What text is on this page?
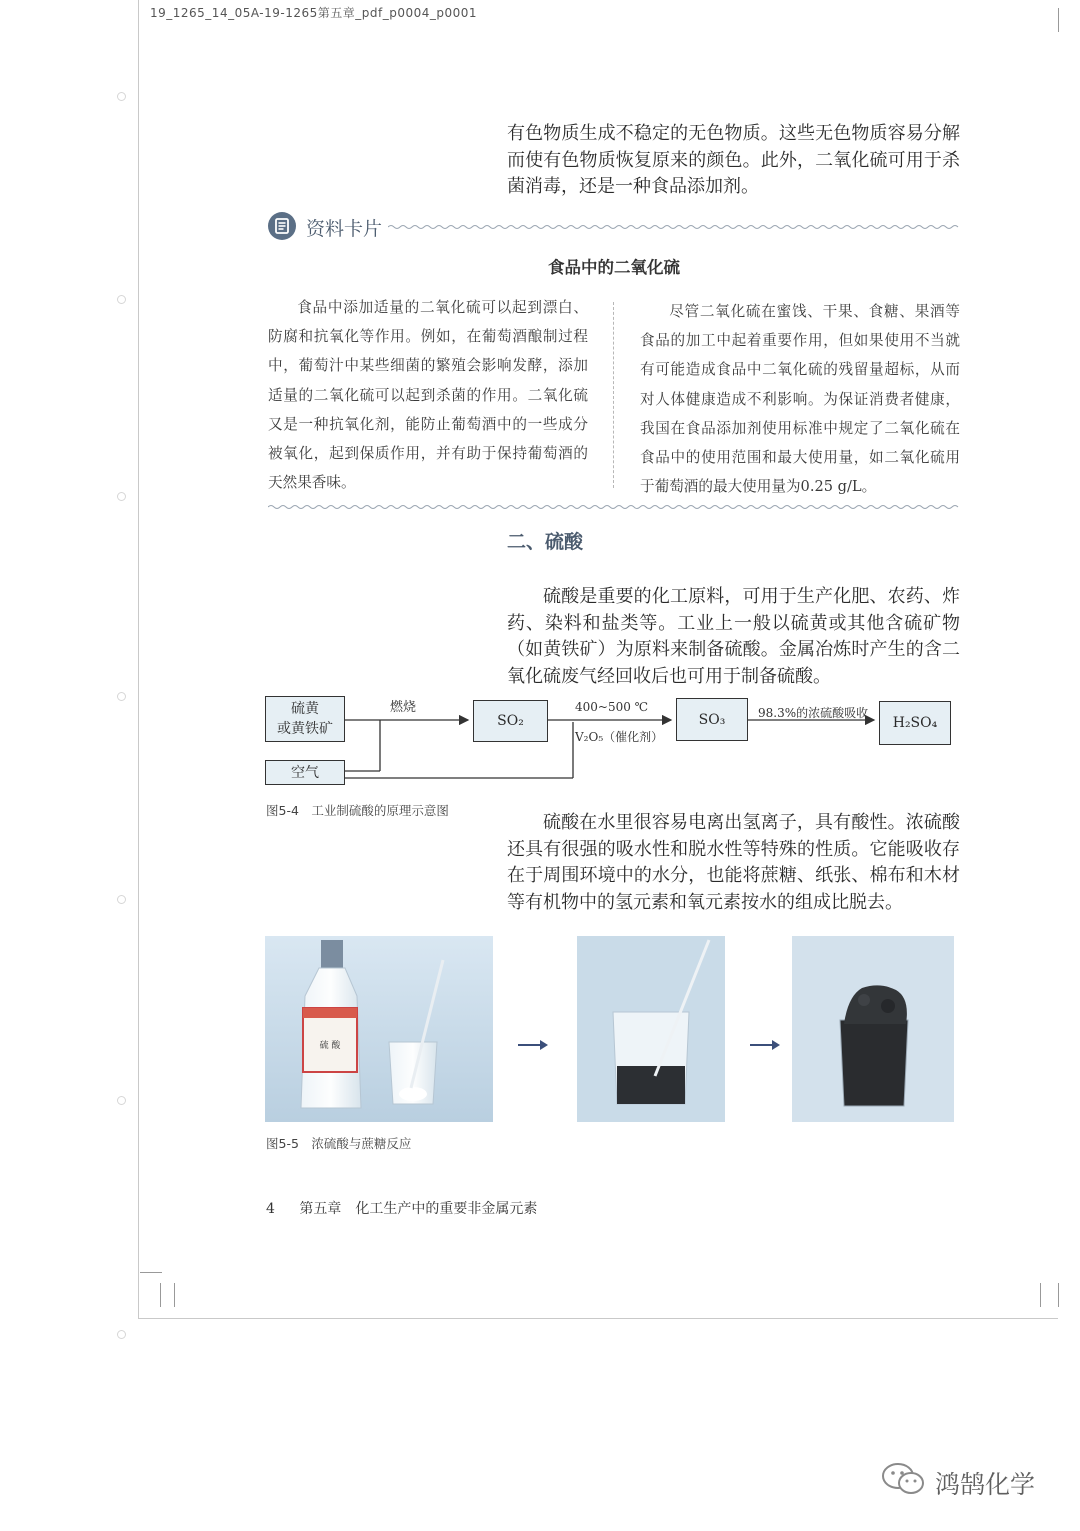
19_1265_14_05A-19-1265第五章_pdf_p0004_p0001
有色物质生成不稳定的无色物质。这些无色物质容易分解而使有色物质恢复原来的颜色。此外，二氧化硫可用于杀菌消毒，还是一种食品添加剂。
资料卡片
食品中的二氧化硫
食品中添加适量的二氧化硫可以起到漂白、防腐和抗氧化等作用。例如，在葡萄酒酿制过程中，葡萄汁中某些细菌的繁殖会影响发酵，添加适量的二氧化硫可以起到杀菌的作用。二氧化硫又是一种抗氧化剂，能防止葡萄酒中的一些成分被氧化，起到保质作用，并有助于保持葡萄酒的天然果香味。
尽管二氧化硫在蜜饯、干果、食糖、果酒等食品的加工中起着重要作用，但如果使用不当就有可能造成食品中二氧化硫的残留量超标，从而对人体健康造成不利影响。为保证消费者健康，我国在食品添加剂使用标准中规定了二氧化硫在食品中的使用范围和最大使用量，如二氧化硫用于葡萄酒的最大使用量为0.25 g/L。
二、硫酸
硫酸是重要的化工原料，可用于生产化肥、农药、炸药、染料和盐类等。工业上一般以硫黄或其他含硫矿物（如黄铁矿）为原料来制备硫酸。金属冶炼时产生的含二氧化硫废气经回收后也可用于制备硫酸。
硫黄
或黄铁矿
空气
燃烧
SO₂
400~500 ℃
V₂O₅（催化剂）
SO₃	98.3%的浓硫酸吸收
H₂SO₄
图5-4　工业制硫酸的原理示意图
硫酸在水里很容易电离出氢离子，具有酸性。浓硫酸还具有很强的吸水性和脱水性等特殊的性质。它能吸收存在于周围环境中的水分，也能将蔗糖、纸张、棉布和木材等有机物中的氢元素和氧元素按水的组成比脱去。
硫 酸
图5-5　浓硫酸与蔗糖反应
4 第五章　化工生产中的重要非金属元素
鸿鹄化学
